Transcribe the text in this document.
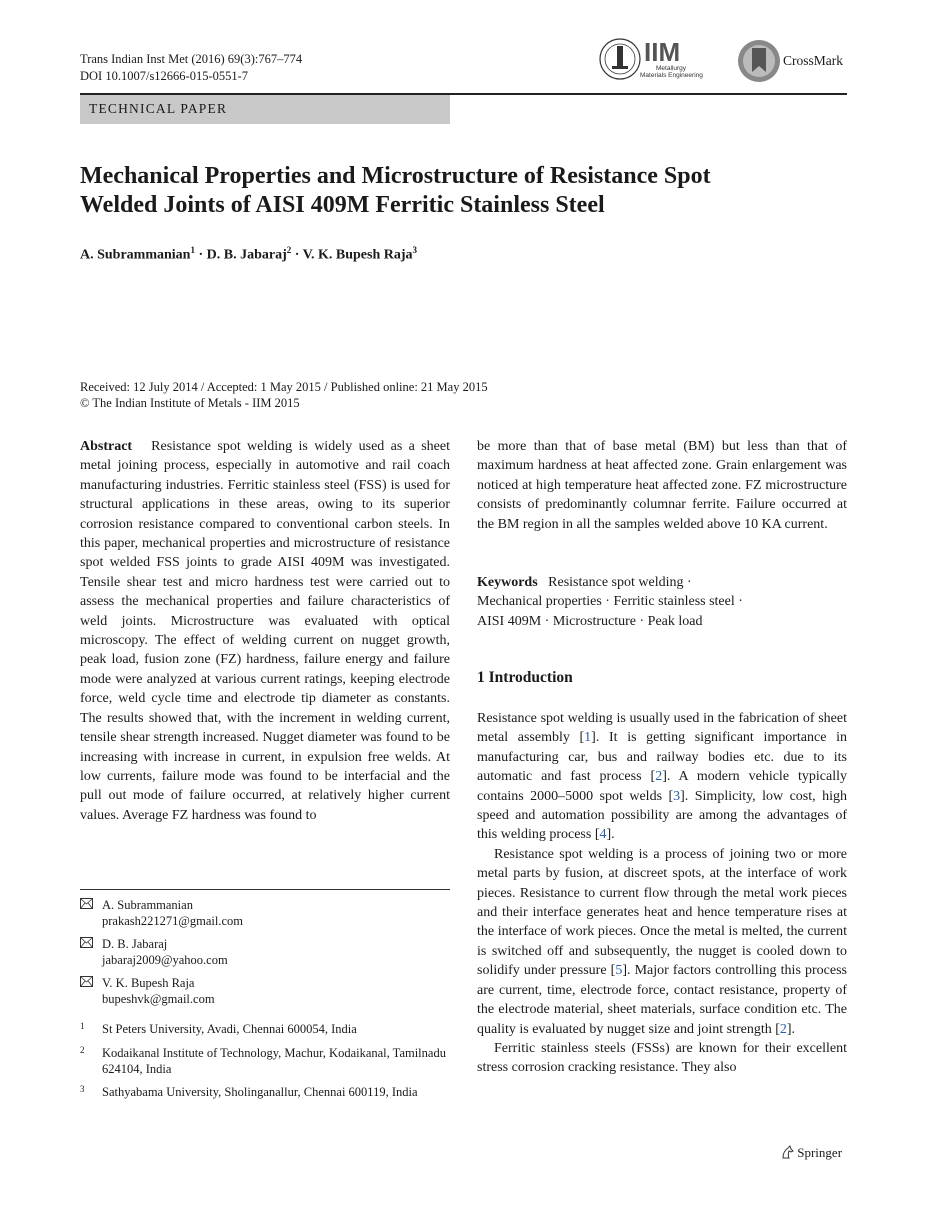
Trans Indian Inst Met (2016) 69(3):767–774
DOI 10.1007/s12666-015-0551-7
IIM
Metallurgy
Materials Engineering
CrossMark
TECHNICAL PAPER
Mechanical Properties and Microstructure of Resistance Spot
Welded Joints of AISI 409M Ferritic Stainless Steel
A. Subrammanian$^1$ · D. B. Jabaraj$^2$ · V. K. Bupesh Raja$^3$
Received: 12 July 2014 / Accepted: 1 May 2015 / Published online: 21 May 2015
© The Indian Institute of Metals - IIM 2015

Abstract Resistance spot welding is widely used as a sheet metal joining process, especially in automotive and rail coach manufacturing industries. Ferritic stainless steel (FSS) is used for structural applications in these areas, owing to its superior corrosion resistance compared to conventional carbon steels. In this paper, mechanical properties and microstructure of resistance spot welded FSS joints to grade AISI 409M was investigated. Tensile shear test and micro hardness test were carried out to assess the mechanical properties and failure characteristics of weld joints. Microstructure was evaluated with optical microscopy. The effect of welding current on nugget growth, peak load, fusion zone (FZ) hardness, failure energy and failure mode were analyzed at various current ratings, keeping electrode force, weld cycle time and electrode tip diameter as constants. The results showed that, with the increment in welding current, tensile shear strength increased. Nugget diameter was found to be increasing with increase in current, in expulsion free welds. At low currents, failure mode was found to be interfacial and the pull out mode of failure occurred, at relatively higher current values. Average FZ hardness was found to

be more than that of base metal (BM) but less than that of maximum hardness at heat affected zone. Grain enlargement was noticed at high temperature heat affected zone. FZ microstructure consists of predominantly columnar ferrite. Failure occurred at the BM region in all the samples welded above 10 KA current.

Keywords Resistance spot welding ·
Mechanical properties · Ferritic stainless steel ·
AISI 409M · Microstructure · Peak load
1 Introduction

Resistance spot welding is usually used in the fabrication of sheet metal assembly [1]. It is getting significant importance in manufacturing car, bus and railway bodies etc. due to its automatic and fast process [2]. A modern vehicle typically contains 2000–5000 spot welds [3]. Simplicity, low cost, high speed and automation possibility are among the advantages of this welding process [4].

Resistance spot welding is a process of joining two or more metal parts by fusion, at discreet spots, at the interface of work pieces. Resistance to current flow through the metal work pieces and their interface generates heat and hence temperature rises at the interface of work pieces. Once the metal is melted, the current is switched off and subsequently, the nugget is cooled down to solidify under pressure [5]. Major factors controlling this process are current, time, electrode force, contact resistance, property of the electrode material, sheet materials, surface condition etc. The quality is evaluated by nugget size and joint strength [2].

Ferritic stainless steels (FSSs) are known for their excellent stress corrosion cracking resistance. They also

A. Subrammanian
prakash221271@gmail.com
D. B. Jabaraj
jabaraj2009@yahoo.com
V. K. Bupesh Raja
bupeshvk@gmail.com
1 St Peters University, Avadi, Chennai 600054, India
2 Kodaikanal Institute of Technology, Machur, Kodaikanal, Tamilnadu 624104, India
3 Sathyabama University, Sholinganallur, Chennai 600119, India
Springer
